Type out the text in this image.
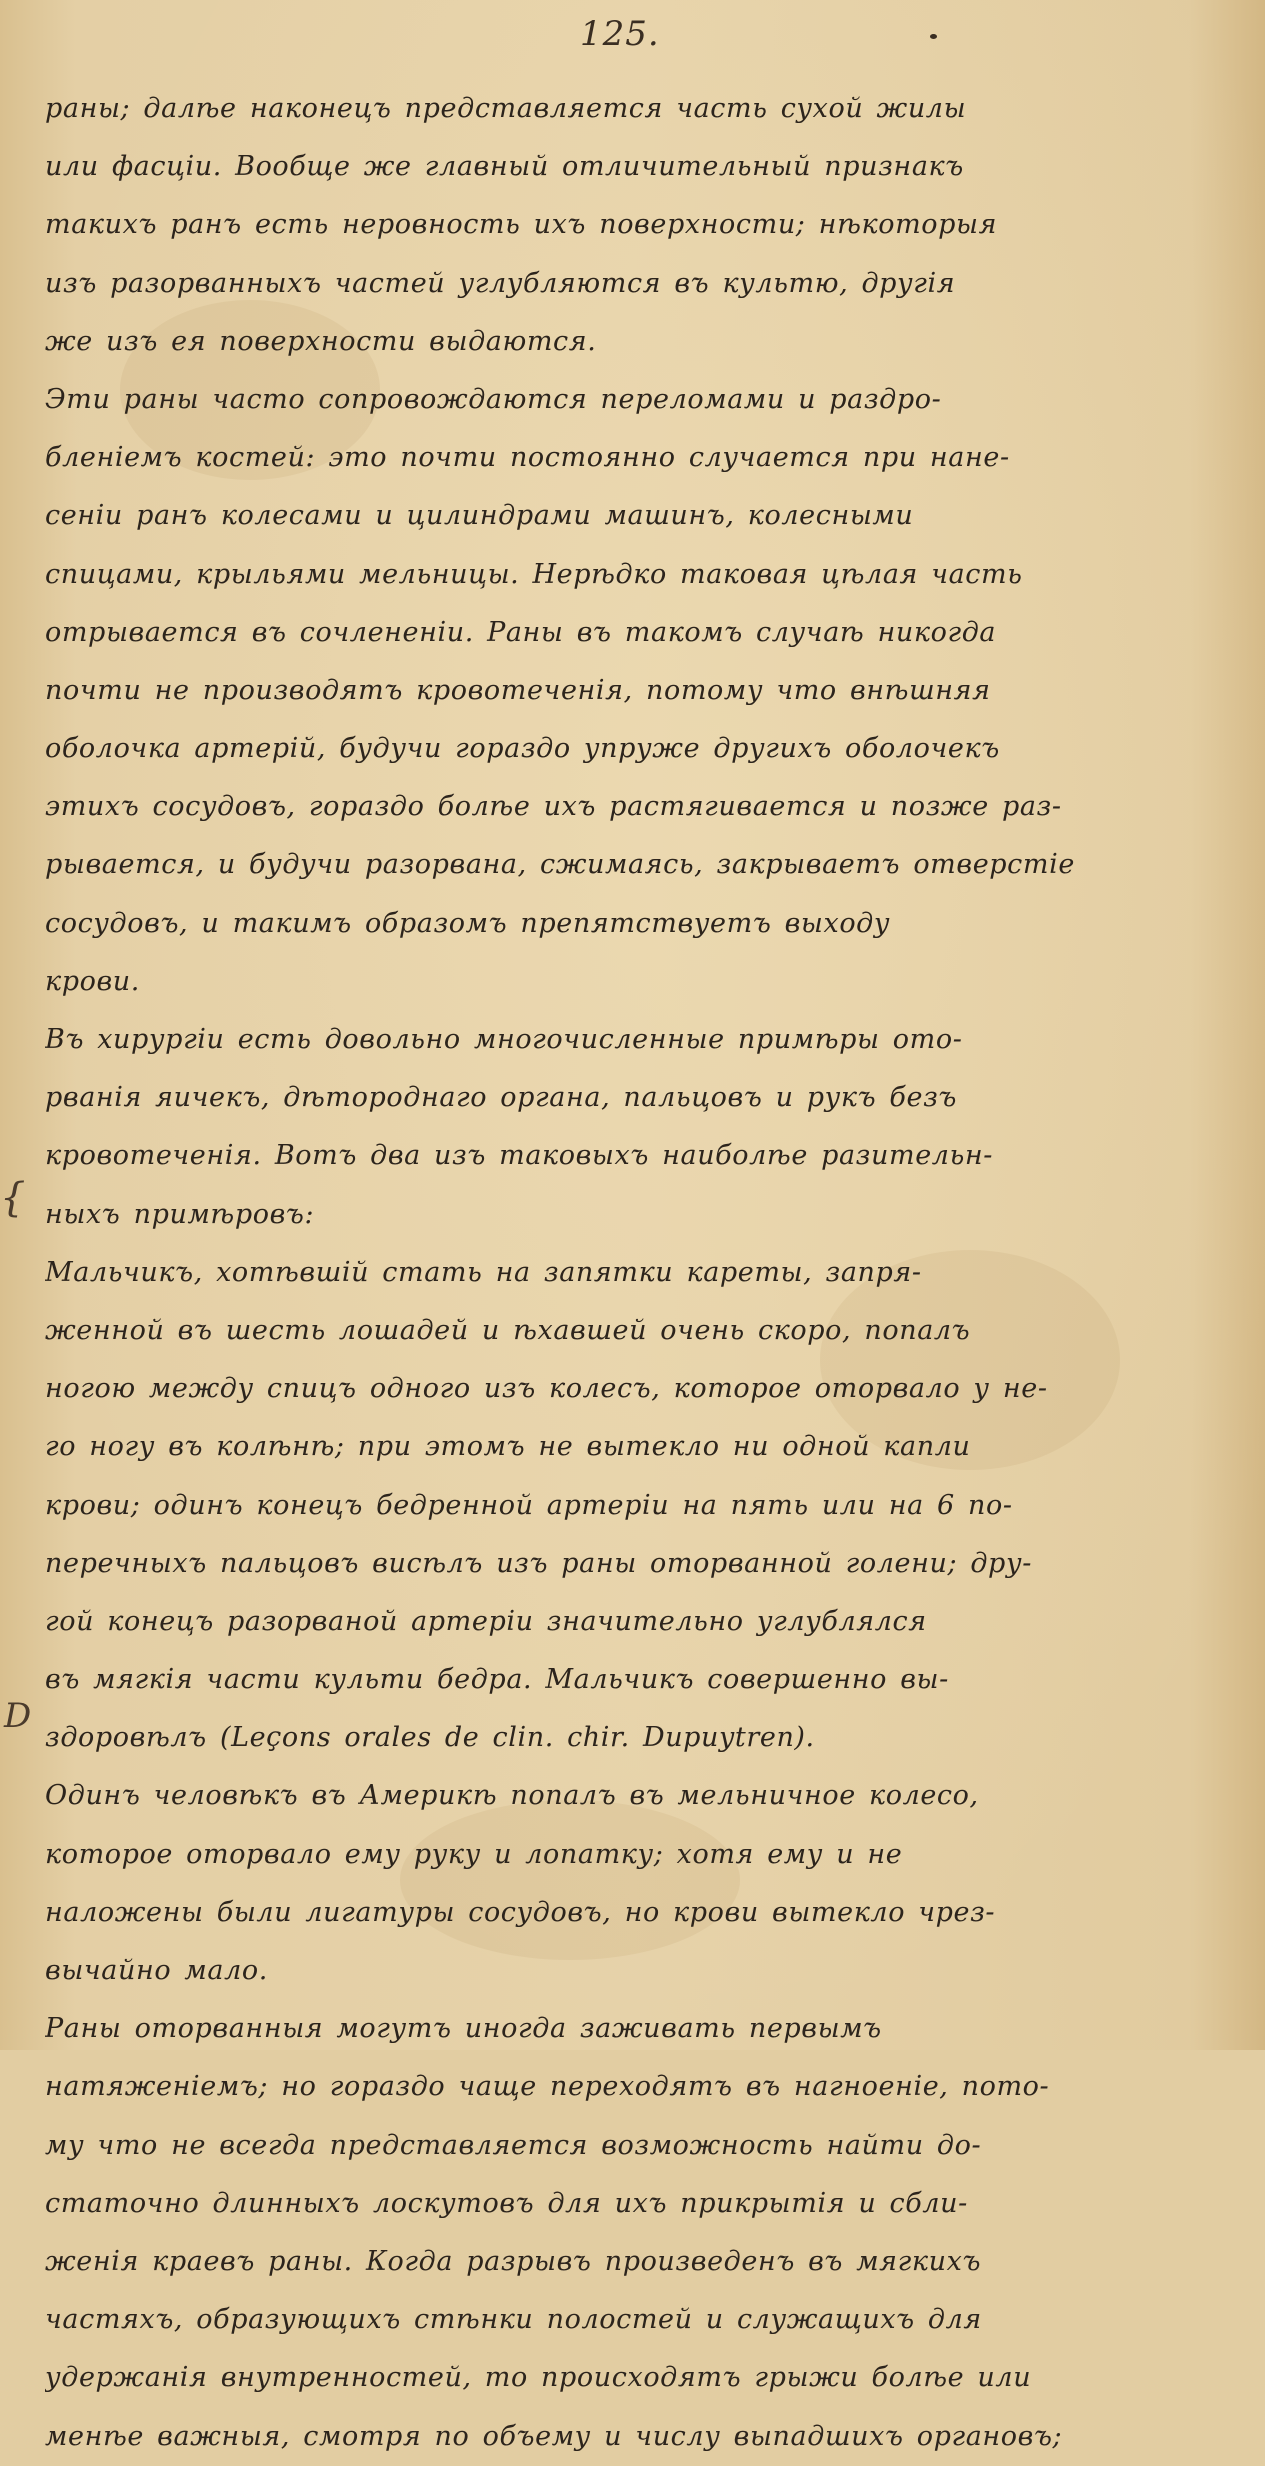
125.
{
D
раны; далѣе наконецъ представляется часть сухой жилы
или фасціи. Вообще же главный отличительный признакъ
такихъ ранъ есть неровность ихъ поверхности; нѣкоторыя
изъ разорванныхъ частей углубляются въ культю, другія
же изъ ея поверхности выдаются.
Эти раны часто сопровождаются переломами и раздро-
бленіемъ костей: это почти постоянно случается при нане-
сеніи ранъ колесами и цилиндрами машинъ, колесными
спицами, крыльями мельницы. Нерѣдко таковая цѣлая часть
отрывается въ сочлененіи. Раны въ такомъ случаѣ никогда
почти не производятъ кровотеченія, потому что внѣшняя
оболочка артерій, будучи гораздо упруже другихъ оболочекъ
этихъ сосудовъ, гораздо болѣе ихъ растягивается и позже раз-
рывается, и будучи разорвана, сжимаясь, закрываетъ отверстіе
сосудовъ, и такимъ образомъ препятствуетъ выходу
крови.
Въ хирургіи есть довольно многочисленные примѣры ото-
рванія яичекъ, дѣтороднаго органа, пальцовъ и рукъ безъ
кровотеченія. Вотъ два изъ таковыхъ наиболѣе разительн-
ныхъ примѣровъ:
Мальчикъ, хотѣвшій стать на запятки кареты, запря-
женной въ шесть лошадей и ѣхавшей очень скоро, попалъ
ногою между спицъ одного изъ колесъ, которое оторвало у не-
го ногу въ колѣнѣ; при этомъ не вытекло ни одной капли
крови; одинъ конецъ бедренной артеріи на пять или на 6 по-
перечныхъ пальцовъ висѣлъ изъ раны оторванной голени; дру-
гой конецъ разорваной артеріи значительно углублялся
въ мягкія части культи бедра. Мальчикъ совершенно вы-
здоровѣлъ (Leçons orales de clin. chir. Dupuytren).
Одинъ человѣкъ въ Америкѣ попалъ въ мельничное колесо,
которое оторвало ему руку и лопатку; хотя ему и не
наложены были лигатуры сосудовъ, но крови вытекло чрез-
вычайно мало.
Раны оторванныя могутъ иногда заживать первымъ
натяженіемъ; но гораздо чаще переходятъ въ нагноеніе, пото-
му что не всегда представляется возможность найти до-
статочно длинныхъ лоскутовъ для ихъ прикрытія и сбли-
женія краевъ раны. Когда разрывъ произведенъ въ мягкихъ
частяхъ, образующихъ стѣнки полостей и служащихъ для
удержанія внутренностей, то происходятъ грыжи болѣе или
менѣе важныя, смотря по объему и числу выпадшихъ органовъ;
